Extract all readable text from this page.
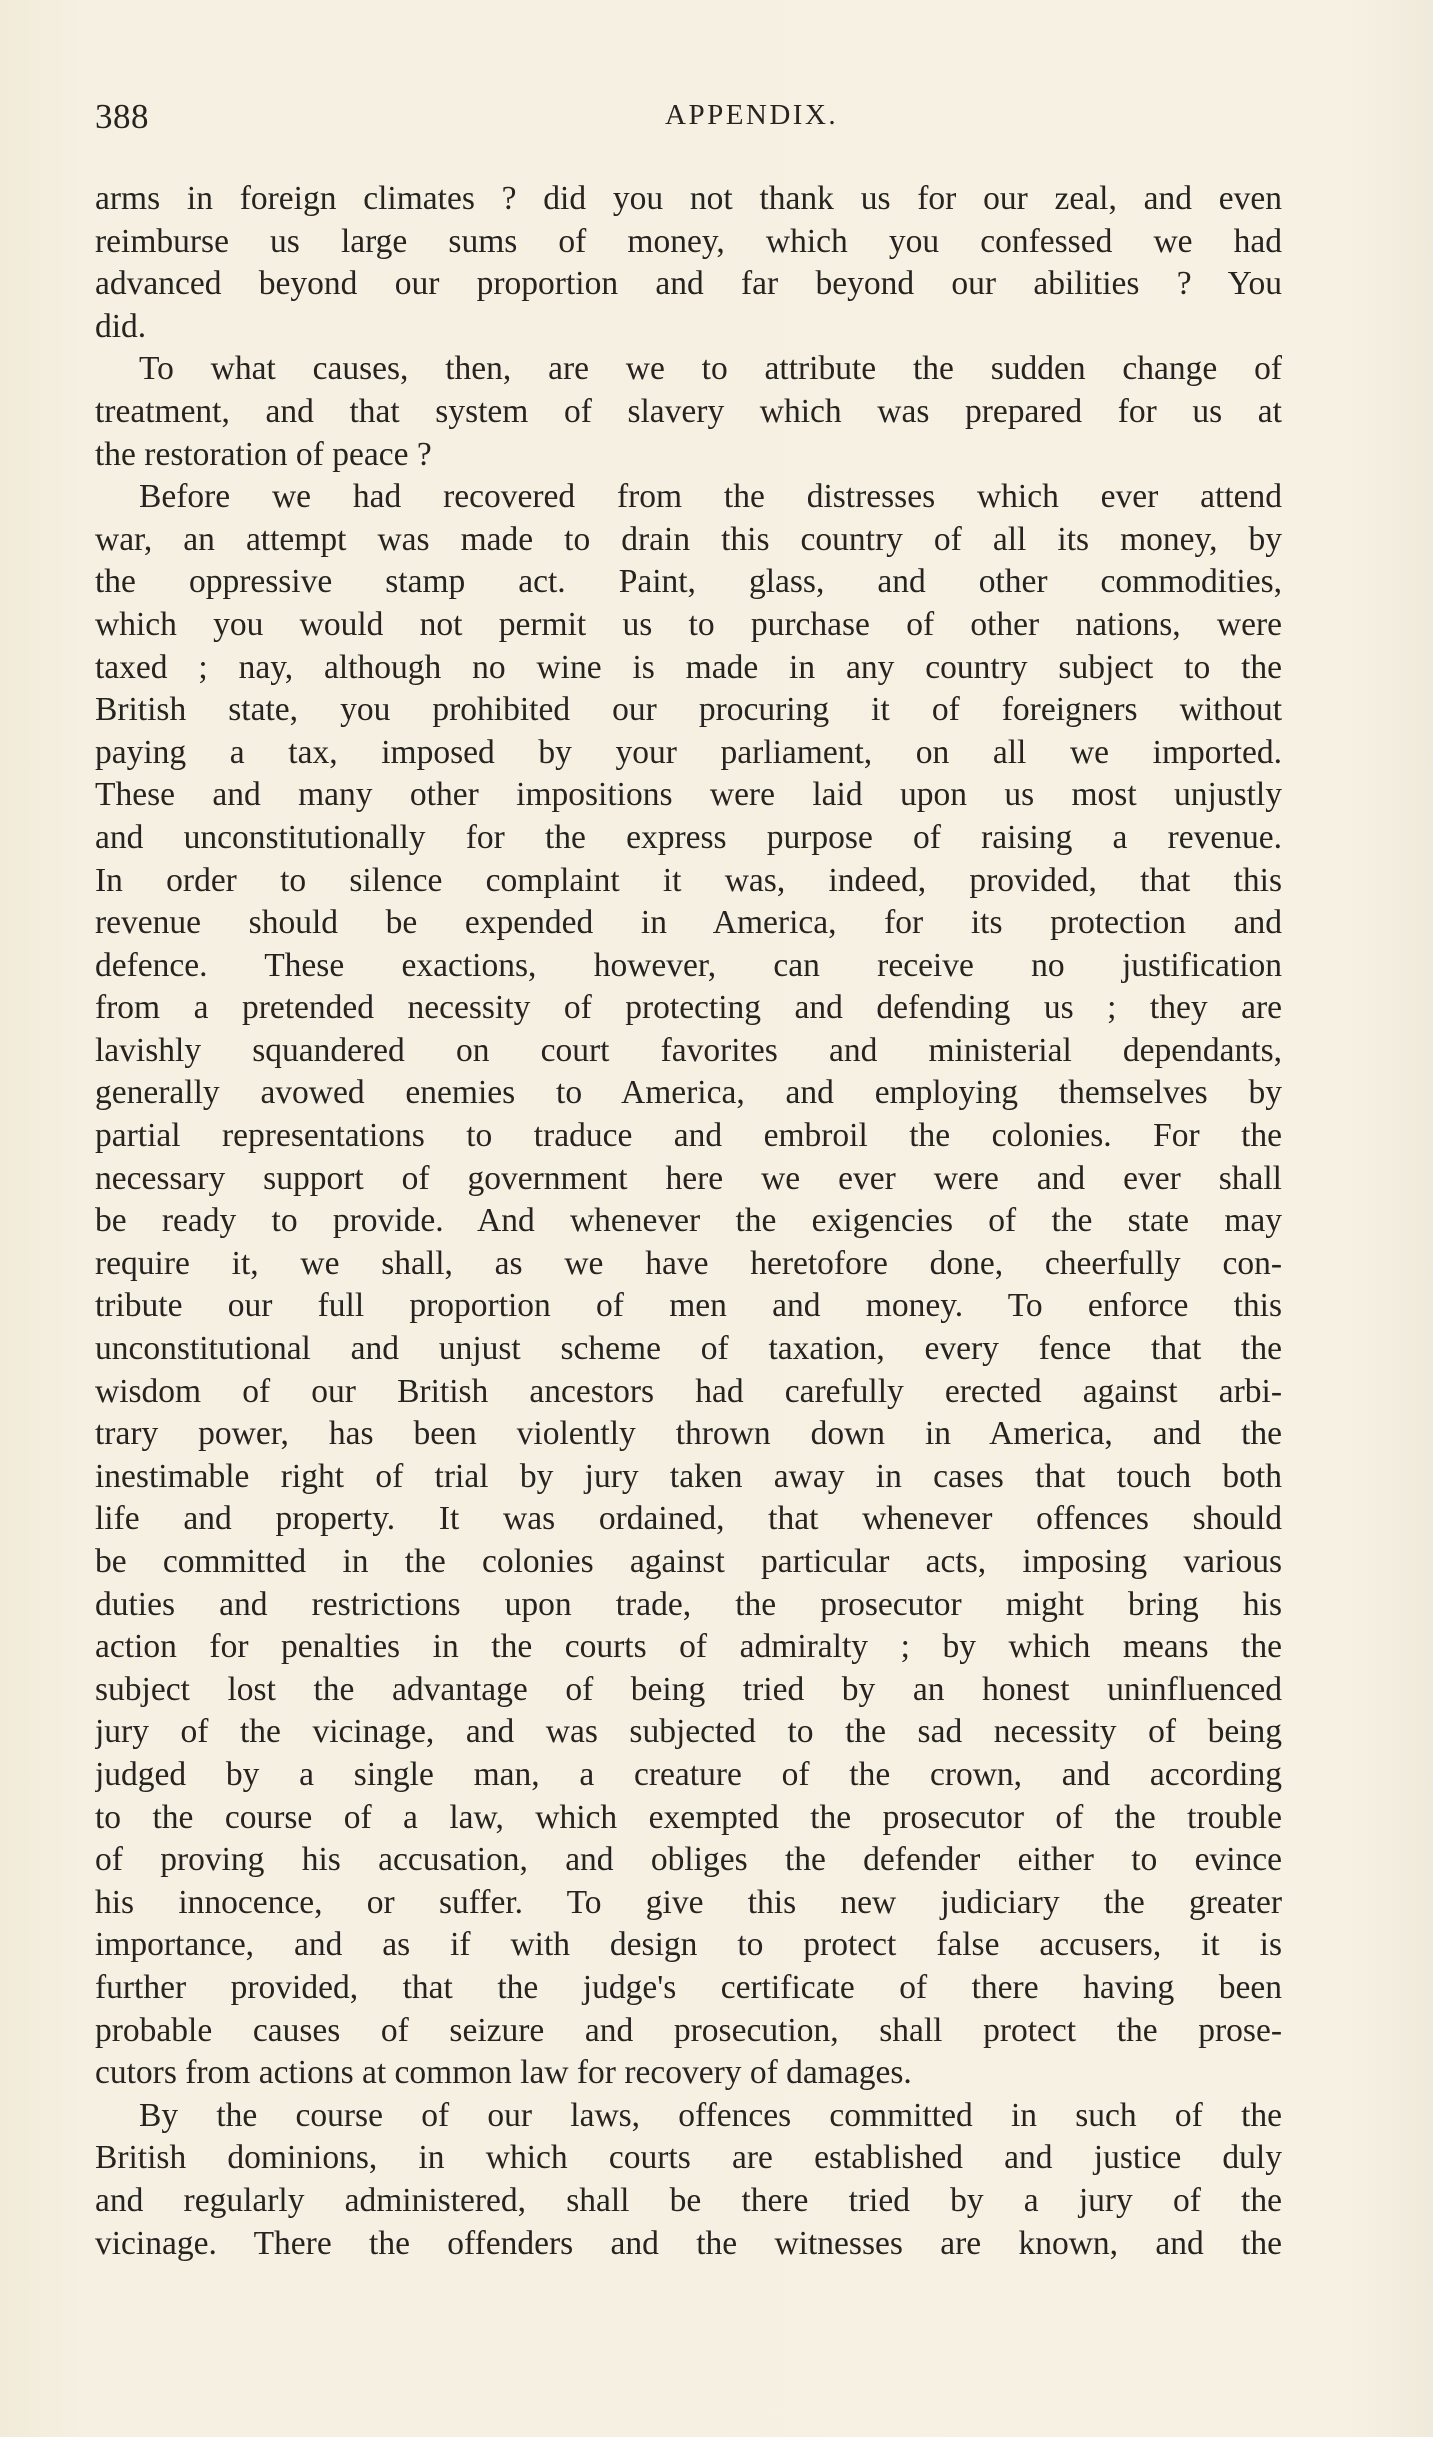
388	APPENDIX.
arms in foreign climates ? did you not thank us for our zeal, and even
reimburse us large sums of money, which you confessed we had
advanced beyond our proportion and far beyond our abilities ? You
did.
To what causes, then, are we to attribute the sudden change of
treatment, and that system of slavery which was prepared for us at
the restoration of peace ?
Before we had recovered from the distresses which ever attend
war, an attempt was made to drain this country of all its money, by
the oppressive stamp act. Paint, glass, and other commodities,
which you would not permit us to purchase of other nations, were
taxed ; nay, although no wine is made in any country subject to the
British state, you prohibited our procuring it of foreigners without
paying a tax, imposed by your parliament, on all we imported.
These and many other impositions were laid upon us most unjustly
and unconstitutionally for the express purpose of raising a revenue.
In order to silence complaint it was, indeed, provided, that this
revenue should be expended in America, for its protection and
defence. These exactions, however, can receive no justification
from a pretended necessity of protecting and defending us ; they are
lavishly squandered on court favorites and ministerial dependants,
generally avowed enemies to America, and employing themselves by
partial representations to traduce and embroil the colonies. For the
necessary support of government here we ever were and ever shall
be ready to provide. And whenever the exigencies of the state may
require it, we shall, as we have heretofore done, cheerfully con-
tribute our full proportion of men and money. To enforce this
unconstitutional and unjust scheme of taxation, every fence that the
wisdom of our British ancestors had carefully erected against arbi-
trary power, has been violently thrown down in America, and the
inestimable right of trial by jury taken away in cases that touch both
life and property. It was ordained, that whenever offences should
be committed in the colonies against particular acts, imposing various
duties and restrictions upon trade, the prosecutor might bring his
action for penalties in the courts of admiralty ; by which means the
subject lost the advantage of being tried by an honest uninfluenced
jury of the vicinage, and was subjected to the sad necessity of being
judged by a single man, a creature of the crown, and according
to the course of a law, which exempted the prosecutor of the trouble
of proving his accusation, and obliges the defender either to evince
his innocence, or suffer. To give this new judiciary the greater
importance, and as if with design to protect false accusers, it is
further provided, that the judge's certificate of there having been
probable causes of seizure and prosecution, shall protect the prose-
cutors from actions at common law for recovery of damages.
By the course of our laws, offences committed in such of the
British dominions, in which courts are established and justice duly
and regularly administered, shall be there tried by a jury of the
vicinage. There the offenders and the witnesses are known, and the
